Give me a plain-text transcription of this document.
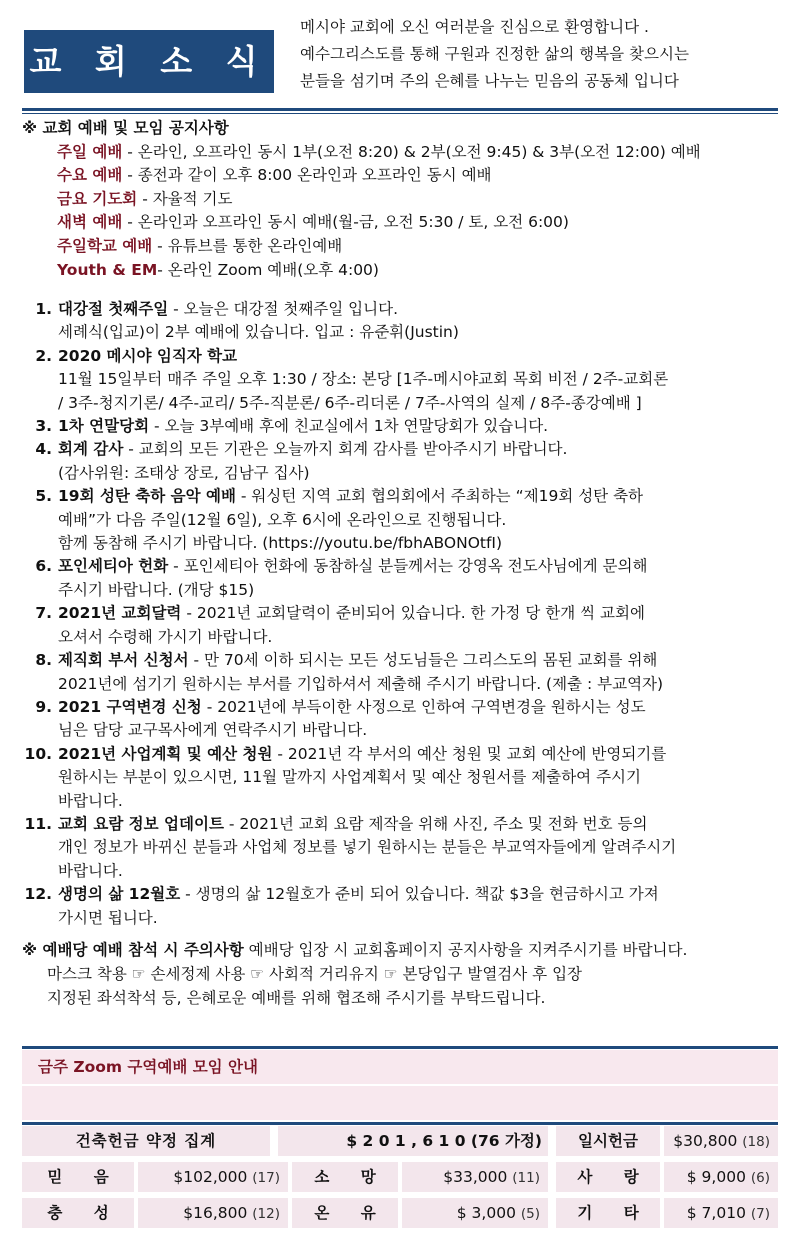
교 회 소 식
메시야 교회에 오신 여러분을 진심으로 환영합니다 .
예수그리스도를 통해 구원과 진정한 삶의 행복을 찾으시는
분들을 섬기며 주의 은혜를 나누는 믿음의 공동체 입니다
※ 교회 예배 및 모임 공지사항
주일 예배 - 온라인, 오프라인 동시 1부(오전 8:20) & 2부(오전 9:45) & 3부(오전 12:00) 예배
수요 예배 - 종전과 같이 오후 8:00 온라인과 오프라인 동시 예배
금요 기도회 - 자율적 기도
새벽 예배 - 온라인과 오프라인 동시 예배(월-금, 오전 5:30 / 토, 오전 6:00)
주일학교 예배 - 유튜브를 통한 온라인예배
Youth & EM- 온라인 Zoom 예배(오후 4:00)
1. 대강절 첫째주일 - 오늘은 대강절 첫째주일 입니다.
세례식(입교)이 2부 예배에 있습니다. 입교 : 유준휘(Justin)
2. 2020 메시야 임직자 학교
11월 15일부터 매주 주일 오후 1:30 / 장소: 본당 [1주-메시야교회 목회 비전 / 2주-교회론
/ 3주-청지기론/ 4주-교리/ 5주-직분론/ 6주-리더론 / 7주-사역의 실제 / 8주-종강예배 ]
3. 1차 연말당회 - 오늘 3부예배 후에 친교실에서 1차 연말당회가 있습니다.
4. 회계 감사 - 교회의 모든 기관은 오늘까지 회계 감사를 받아주시기 바랍니다.
(감사위원: 조태상 장로, 김남구 집사)
5. 19회 성탄 축하 음악 예배 - 워싱턴 지역 교회 협의회에서 주최하는 “제19회 성탄 축하
예배”가 다음 주일(12월 6일), 오후 6시에 온라인으로 진행됩니다.
함께 동참해 주시기 바랍니다. (https://youtu.be/fbhABONOtfI)
6. 포인세티아 헌화 - 포인세티아 헌화에 동참하실 분들께서는 강영옥 전도사님에게 문의해
주시기 바랍니다. (개당 $15)
7. 2021년 교회달력 - 2021년 교회달력이 준비되어 있습니다. 한 가정 당 한개 씩 교회에
오셔서 수령해 가시기 바랍니다.
8. 제직회 부서 신청서 - 만 70세 이하 되시는 모든 성도님들은 그리스도의 몸된 교회를 위해
2021년에 섬기기 원하시는 부서를 기입하셔서 제출해 주시기 바랍니다. (제출 : 부교역자)
9. 2021 구역변경 신청 - 2021년에 부득이한 사정으로 인하여 구역변경을 원하시는 성도
님은 담당 교구목사에게 연락주시기 바랍니다.
10. 2021년 사업계획 및 예산 청원 - 2021년 각 부서의 예산 청원 및 교회 예산에 반영되기를
원하시는 부분이 있으시면, 11월 말까지 사업계획서 및 예산 청원서를 제출하여 주시기
바랍니다.
11. 교회 요람 정보 업데이트 - 2021년 교회 요람 제작을 위해 사진, 주소 및 전화 번호 등의
개인 정보가 바뀌신 분들과 사업체 정보를 넣기 원하시는 분들은 부교역자들에게 알려주시기
바랍니다.
12. 생명의 삶 12월호 - 생명의 삶 12월호가 준비 되어 있습니다. 책값 $3을 현금하시고 가져
가시면 됩니다.
※ 예배당 예배 참석 시 주의사항 예배당 입장 시 교회홈페이지 공지사항을 지켜주시기를 바랍니다.
마스크 착용 ☞ 손세정제 사용 ☞ 사회적 거리유지 ☞ 본당입구 발열검사 후 입장
지정된 좌석착석 등, 은혜로운 예배를 위해 협조해 주시기를 부탁드립니다.
금주 Zoom 구역예배 모임 안내
건축헌금 약정 집계	$ 2 0 1 , 6 1 0 (76 가정)	일시헌금	$30,800 (18)
믿 음	$102,000 (17)	소 망	$33,000 (11)	사 랑	$ 9,000 (6)
충 성	$16,800 (12)	온 유	$ 3,000 (5)	기 타	$ 7,010 (7)
